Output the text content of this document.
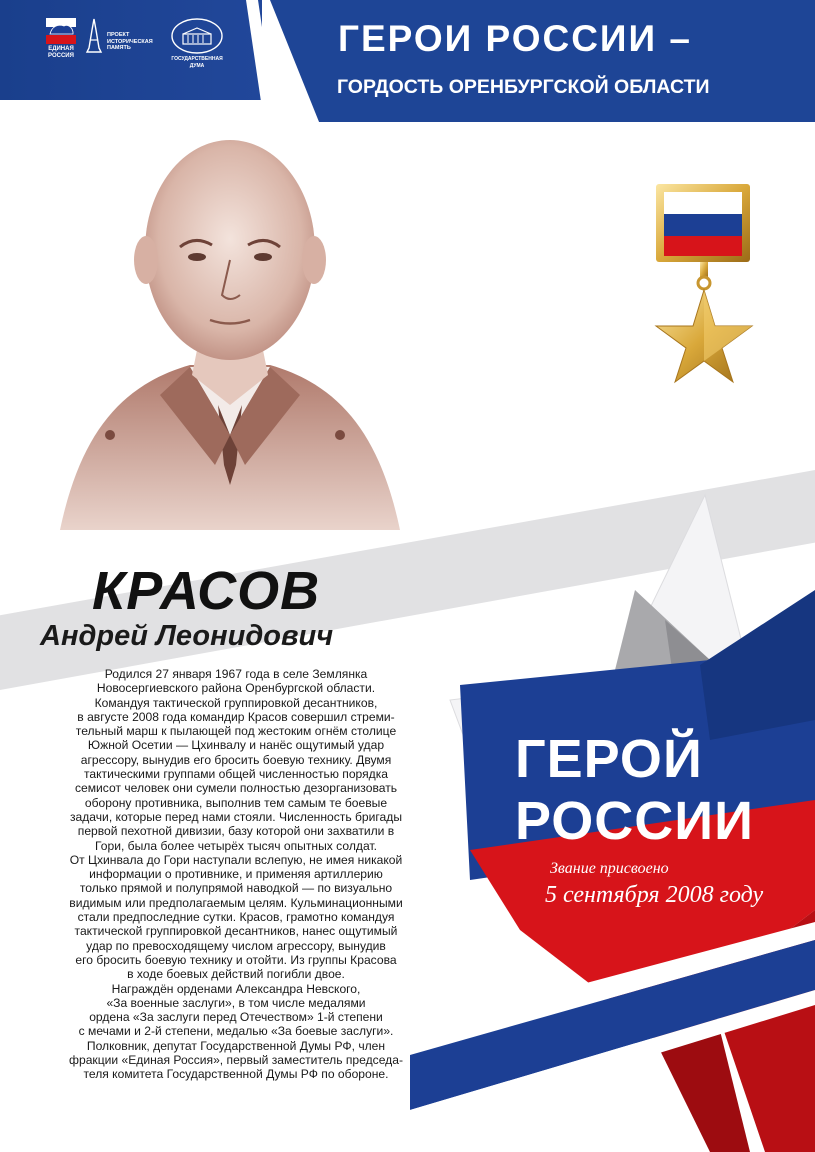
ЕДИНАЯ РОССИЯ
ПРОЕКТ ИСТОРИЧЕСКАЯ ПАМЯТЬ
ГОСУДАРСТВЕННАЯ ДУМА
ГЕРОИ РОССИИ –
ГОРДОСТЬ ОРЕНБУРГСКОЙ ОБЛАСТИ
КРАСОВ
Андрей Леонидович

Родился 27 января 1967 года в селе Землянка

Новосергиевского района Оренбургской области.

Командуя тактической группировкой десантников,

в августе 2008 года командир Красов совершил стреми-

тельный марш к пылающей под жестоким огнём столице

Южной Осетии — Цхинвалу и нанёс ощутимый удар

агрессору, вынудив его бросить боевую технику. Двумя

тактическими группами общей численностью порядка

семисот человек они сумели полностью дезорганизовать

оборону противника, выполнив тем самым те боевые

задачи, которые перед нами стояли. Численность бригады

первой пехотной дивизии, базу которой они захватили в

Гори, была более четырёх тысяч опытных солдат.

От Цхинвала до Гори наступали вслепую, не имея никакой

информации о противнике, и применяя артиллерию

только прямой и полупрямой наводкой — по визуально

видимым или предполагаемым целям. Кульминационными

стали предпоследние сутки. Красов, грамотно командуя

тактической группировкой десантников, нанес ощутимый

удар по превосходящему числом агрессору, вынудив

его бросить боевую технику и отойти. Из группы Красова

в ходе боевых действий погибли двое.

Награждён орденами Александра Невского,

«За военные заслуги», в том числе медалями

ордена «За заслуги перед Отечеством» 1-й степени

с мечами и 2-й степени, медалью «За боевые заслуги».

Полковник, депутат Государственной Думы РФ, член

фракции «Единая Россия», первый заместитель председа-

теля комитета Государственной Думы РФ по обороне.

ГЕРОЙ
РОССИИ
Звание присвоено
5 сентября 2008 году
